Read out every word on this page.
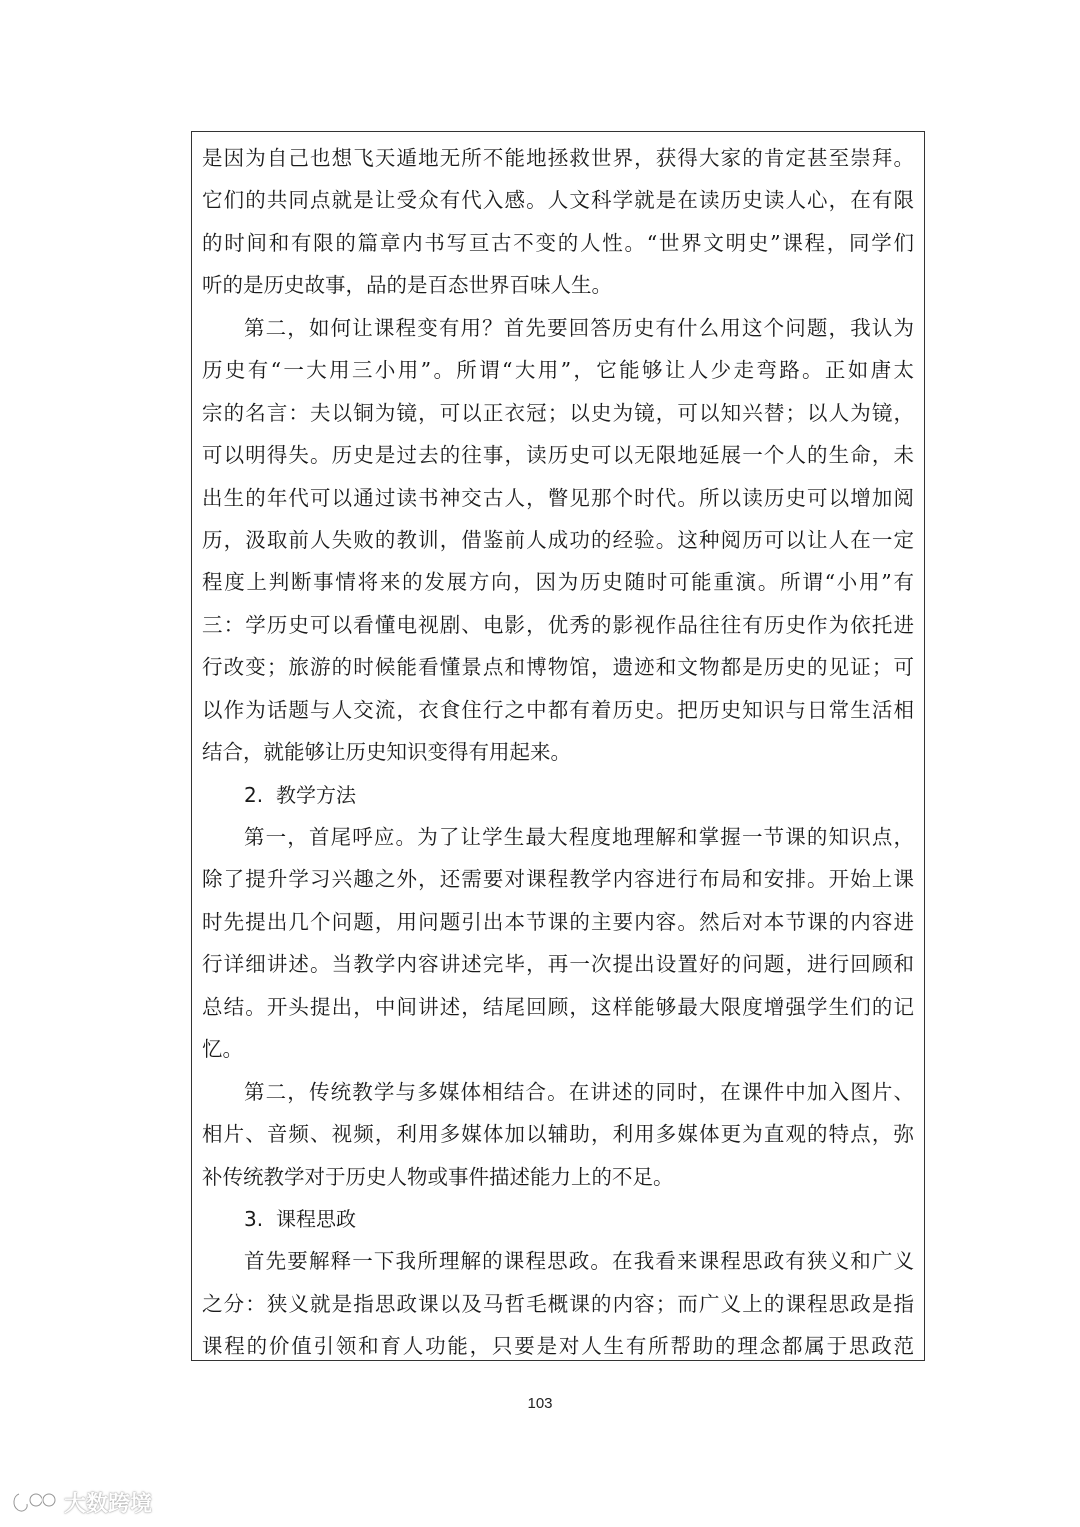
是因为自己也想飞天遁地无所不能地拯救世界，获得大家的肯定甚至崇拜。
它们的共同点就是让受众有代入感。人文科学就是在读历史读人心，在有限
的时间和有限的篇章内书写亘古不变的人性。“世界文明史”课程，同学们
听的是历史故事，品的是百态世界百味人生。
第二，如何让课程变有用？首先要回答历史有什么用这个问题，我认为
历史有“一大用三小用”。所谓“大用”，它能够让人少走弯路。正如唐太
宗的名言：夫以铜为镜，可以正衣冠；以史为镜，可以知兴替；以人为镜，
可以明得失。历史是过去的往事，读历史可以无限地延展一个人的生命，未
出生的年代可以通过读书神交古人，瞥见那个时代。所以读历史可以增加阅
历，汲取前人失败的教训，借鉴前人成功的经验。这种阅历可以让人在一定
程度上判断事情将来的发展方向，因为历史随时可能重演。所谓“小用”有
三：学历史可以看懂电视剧、电影，优秀的影视作品往往有历史作为依托进
行改变；旅游的时候能看懂景点和博物馆，遗迹和文物都是历史的见证；可
以作为话题与人交流，衣食住行之中都有着历史。把历史知识与日常生活相
结合，就能够让历史知识变得有用起来。
2. 教学方法
第一，首尾呼应。为了让学生最大程度地理解和掌握一节课的知识点，
除了提升学习兴趣之外，还需要对课程教学内容进行布局和安排。开始上课
时先提出几个问题，用问题引出本节课的主要内容。然后对本节课的内容进
行详细讲述。当教学内容讲述完毕，再一次提出设置好的问题，进行回顾和
总结。开头提出，中间讲述，结尾回顾，这样能够最大限度增强学生们的记
忆。
第二，传统教学与多媒体相结合。在讲述的同时，在课件中加入图片、
相片、音频、视频，利用多媒体加以辅助，利用多媒体更为直观的特点，弥
补传统教学对于历史人物或事件描述能力上的不足。
3. 课程思政
首先要解释一下我所理解的课程思政。在我看来课程思政有狭义和广义
之分：狭义就是指思政课以及马哲毛概课的内容；而广义上的课程思政是指
课程的价值引领和育人功能，只要是对人生有所帮助的理念都属于思政范
103
大数跨境
